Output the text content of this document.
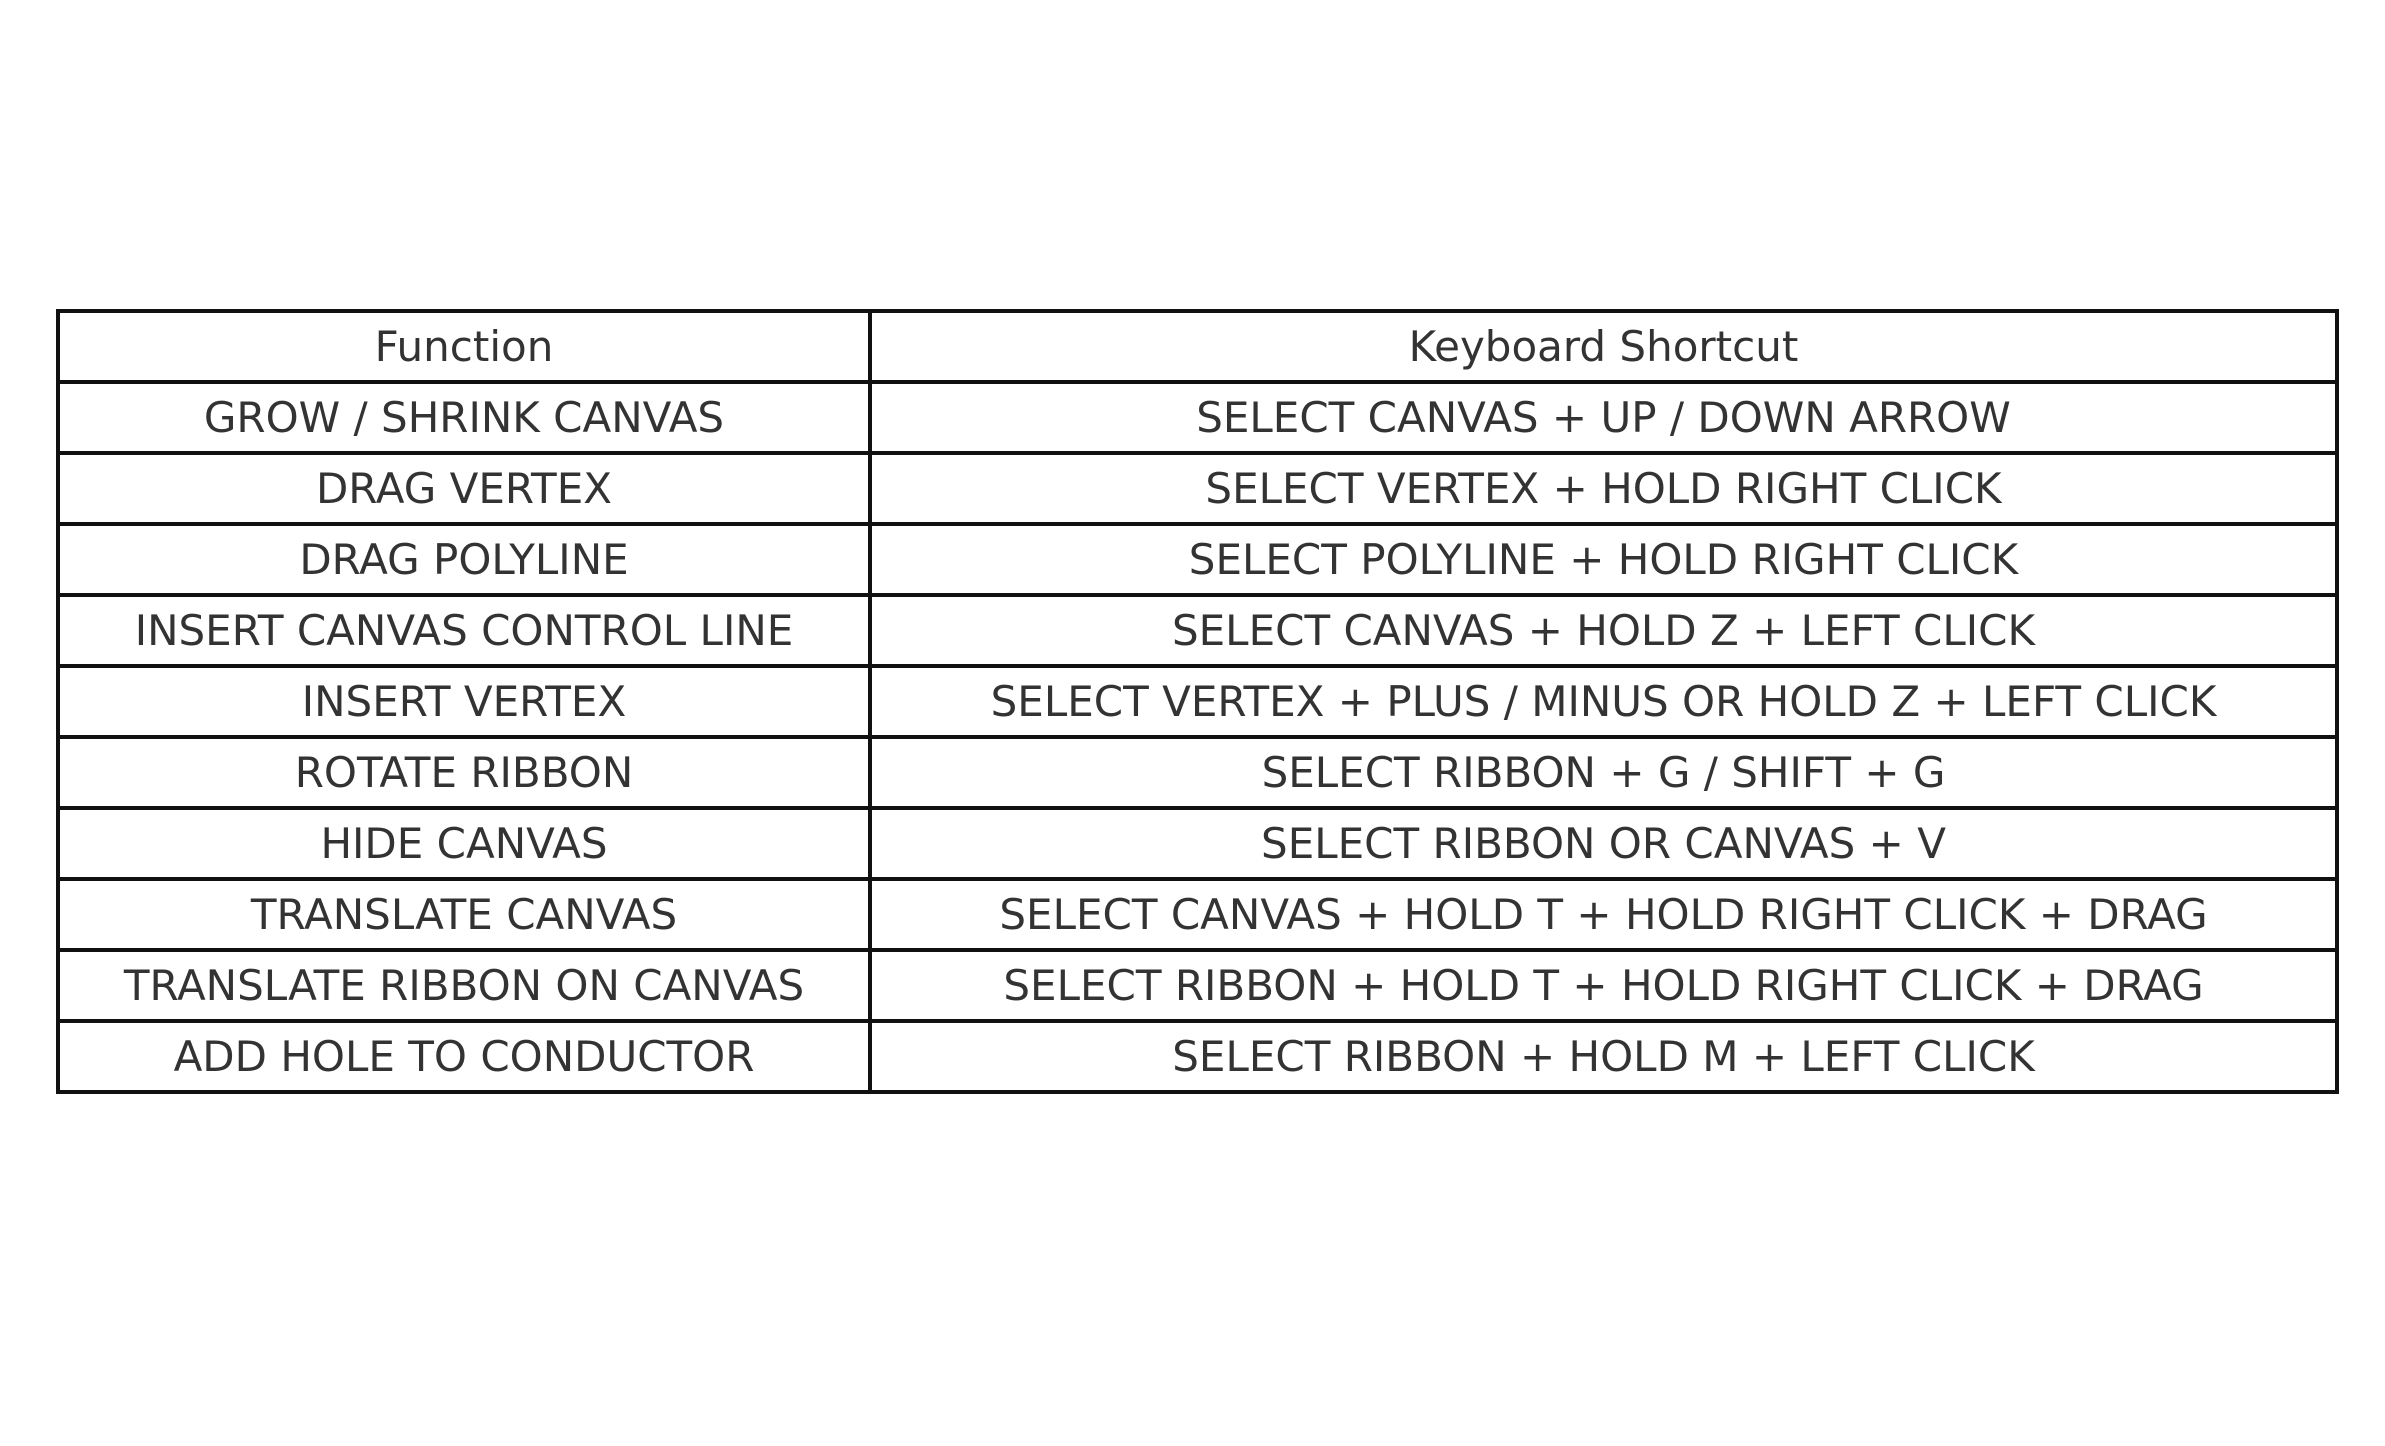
Function	Keyboard Shortcut
GROW / SHRINK CANVAS	SELECT CANVAS + UP / DOWN ARROW
DRAG VERTEX	SELECT VERTEX + HOLD RIGHT CLICK
DRAG POLYLINE	SELECT POLYLINE + HOLD RIGHT CLICK
INSERT CANVAS CONTROL LINE	SELECT CANVAS + HOLD Z + LEFT CLICK
INSERT VERTEX	SELECT VERTEX + PLUS / MINUS OR HOLD Z + LEFT CLICK
ROTATE RIBBON	SELECT RIBBON + G / SHIFT + G
HIDE CANVAS	SELECT RIBBON OR CANVAS + V
TRANSLATE CANVAS	SELECT CANVAS + HOLD T + HOLD RIGHT CLICK + DRAG
TRANSLATE RIBBON ON CANVAS	SELECT RIBBON + HOLD T + HOLD RIGHT CLICK + DRAG
ADD HOLE TO CONDUCTOR	SELECT RIBBON + HOLD M + LEFT CLICK
